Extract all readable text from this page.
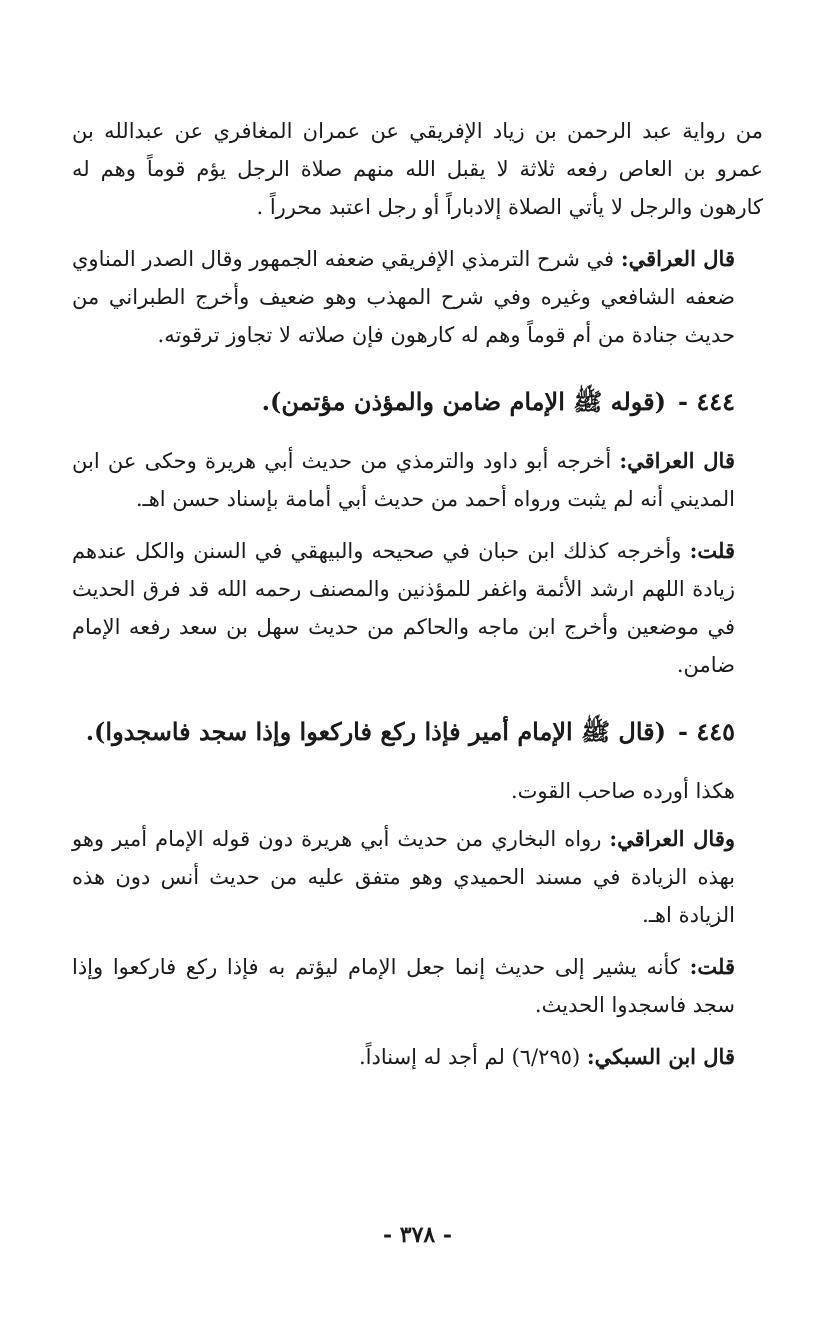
من رواية عبد الرحمن بن زياد الإفريقي عن عمران المغافري عن عبدالله بن عمرو بن العاص رفعه ثلاثة لا يقبل الله منهم صلاة الرجل يؤم قوماً وهم له كارهون والرجل لا يأتي الصلاة إلادباراً أو رجل اعتبد محرراً .

قال العراقي: في شرح الترمذي الإفريقي ضعفه الجمهور وقال الصدر المناوي ضعفه الشافعي وغيره وفي شرح المهذب وهو ضعيف وأخرج الطبراني من حديث جنادة من أم قوماً وهم له كارهون فإن صلاته لا تجاوز ترقوته.

٤٤٤ -(قوله ﷺ الإمام ضامن والمؤذن مؤتمن).

قال العراقي: أخرجه أبو داود والترمذي من حديث أبي هريرة وحكى عن ابن المديني أنه لم يثبت ورواه أحمد من حديث أبي أمامة بإسناد حسن اهـ.

قلت: وأخرجه كذلك ابن حبان في صحيحه والبيهقي في السنن والكل عندهم زيادة اللهم ارشد الأئمة واغفر للمؤذنين والمصنف رحمه الله قد فرق الحديث في موضعين وأخرج ابن ماجه والحاكم من حديث سهل بن سعد رفعه الإمام ضامن.

٤٤٥ -(قال ﷺ الإمام أمير فإذا ركع فاركعوا وإذا سجد فاسجدوا).

هكذا أورده صاحب القوت.

وقال العراقي: رواه البخاري من حديث أبي هريرة دون قوله الإمام أمير وهو بهذه الزيادة في مسند الحميدي وهو متفق عليه من حديث أنس دون هذه الزيادة اهـ.

قلت: كأنه يشير إلى حديث إنما جعل الإمام ليؤتم به فإذا ركع فاركعوا وإذا سجد فاسجدوا الحديث.

قال ابن السبكي: (٦/٢٩٥) لم أجد له إسناداً.

- ٣٧٨ -
